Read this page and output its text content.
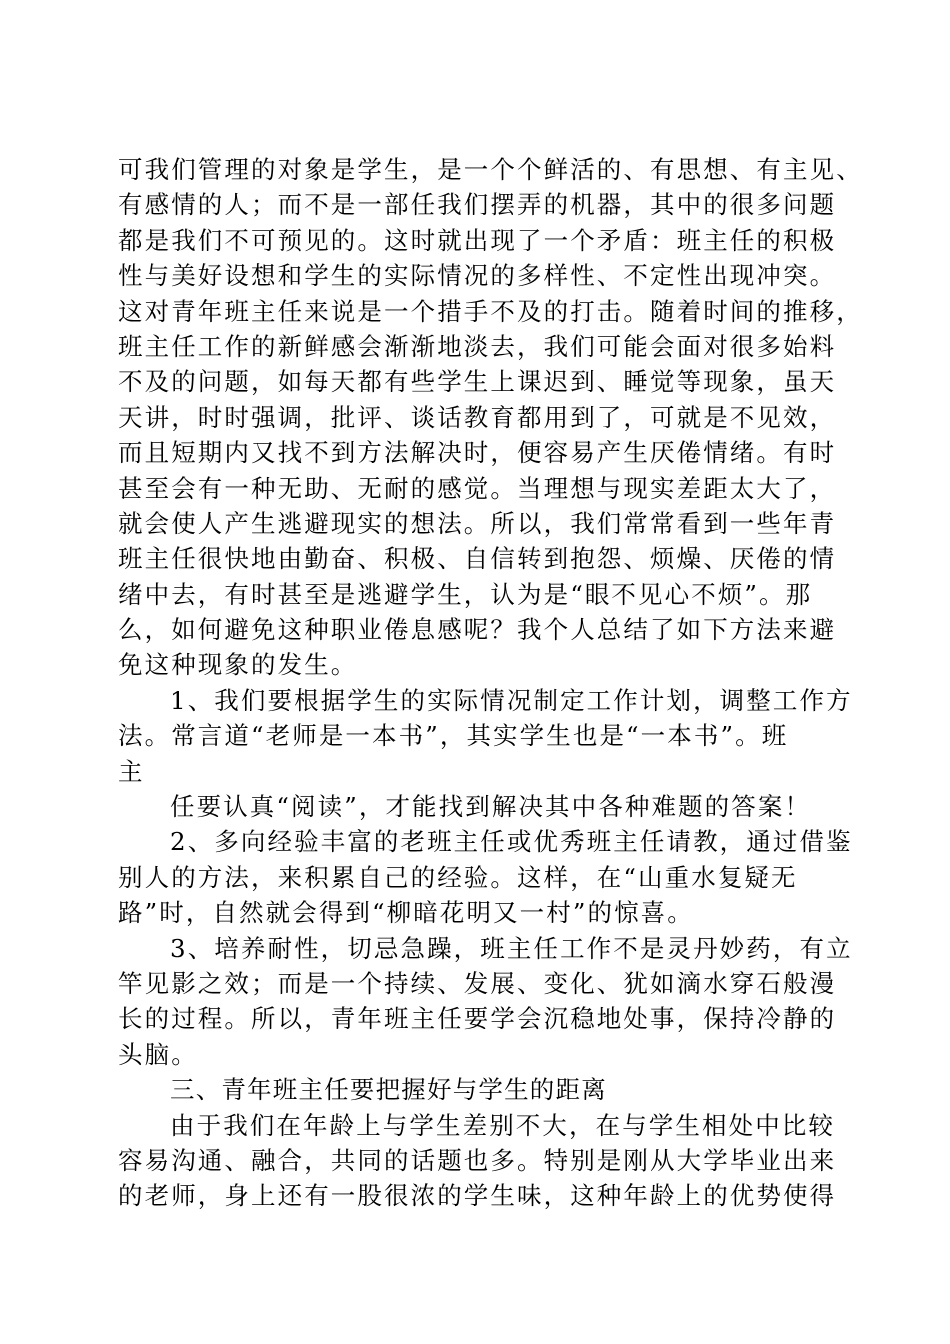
可我们管理的对象是学生，是一个个鲜活的、有思想、有主见、
有感情的人；而不是一部任我们摆弄的机器，其中的很多问题
都是我们不可预见的。这时就出现了一个矛盾：班主任的积极
性与美好设想和学生的实际情况的多样性、不定性出现冲突。
这对青年班主任来说是一个措手不及的打击。随着时间的推移，
班主任工作的新鲜感会渐渐地淡去，我们可能会面对很多始料
不及的问题，如每天都有些学生上课迟到、睡觉等现象，虽天
天讲，时时强调，批评、谈话教育都用到了，可就是不见效，
而且短期内又找不到方法解决时，便容易产生厌倦情绪。有时
甚至会有一种无助、无耐的感觉。当理想与现实差距太大了，
就会使人产生逃避现实的想法。所以，我们常常看到一些年青
班主任很快地由勤奋、积极、自信转到抱怨、烦燥、厌倦的情
绪中去，有时甚至是逃避学生，认为是“眼不见心不烦”。那
么，如何避免这种职业倦息感呢？我个人总结了如下方法来避
免这种现象的发生。
1、我们要根据学生的实际情况制定工作计划，调整工作方
法。常言道“老师是一本书”，其实学生也是“一本书”。班
主
任要认真“阅读”，才能找到解决其中各种难题的答案！
2、多向经验丰富的老班主任或优秀班主任请教，通过借鉴
别人的方法，来积累自己的经验。这样，在“山重水复疑无
路”时，自然就会得到“柳暗花明又一村”的惊喜。
3、培养耐性，切忌急躁，班主任工作不是灵丹妙药，有立
竿见影之效；而是一个持续、发展、变化、犹如滴水穿石般漫
长的过程。所以，青年班主任要学会沉稳地处事，保持冷静的
头脑。
三、青年班主任要把握好与学生的距离
由于我们在年龄上与学生差别不大，在与学生相处中比较
容易沟通、融合，共同的话题也多。特别是刚从大学毕业出来
的老师，身上还有一股很浓的学生味，这种年龄上的优势使得
